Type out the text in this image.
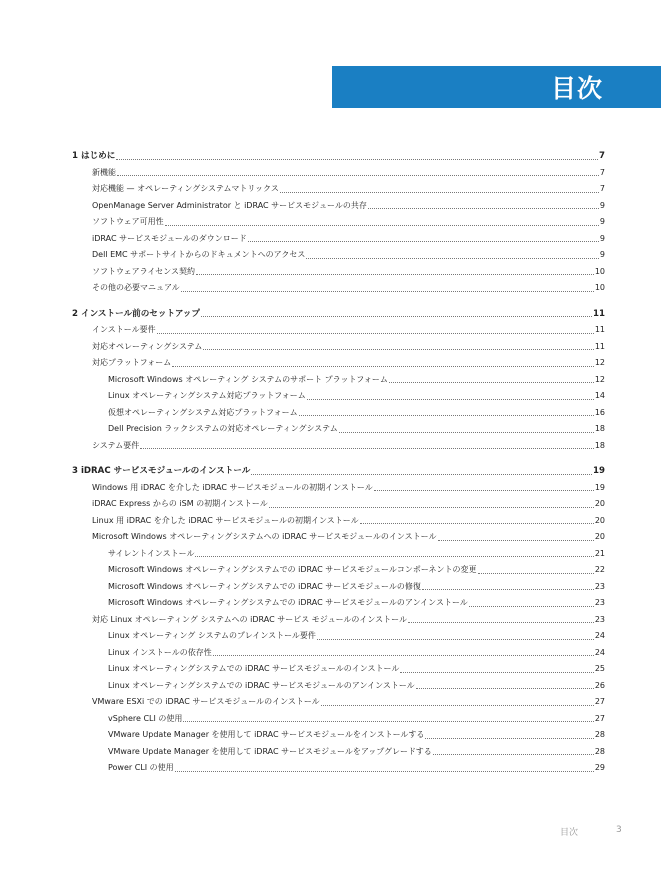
目次
1 はじめに	7
新機能	7
対応機能 — オペレーティングシステムマトリックス	7
OpenManage Server Administrator と iDRAC サービスモジュールの共存	9
ソフトウェア可用性	9
iDRAC サービスモジュールのダウンロード	9
Dell EMC サポートサイトからのドキュメントへのアクセス	9
ソフトウェアライセンス契約	10
その他の必要マニュアル	10
2 インストール前のセットアップ	11
インストール要件	11
対応オペレーティングシステム	11
対応プラットフォーム	12
Microsoft Windows オペレーティング システムのサポート プラットフォーム	12
Linux オペレーティングシステム対応プラットフォーム	14
仮想オペレーティングシステム対応プラットフォーム	16
Dell Precision ラックシステムの対応オペレーティングシステム	18
システム要件	18
3 iDRAC サービスモジュールのインストール	19
Windows 用 iDRAC を介した iDRAC サービスモジュールの初期インストール	19
iDRAC Express からの iSM の初期インストール	20
Linux 用 iDRAC を介した iDRAC サービスモジュールの初期インストール	20
Microsoft Windows オペレーティングシステムへの iDRAC サービスモジュールのインストール	20
サイレントインストール	21
Microsoft Windows オペレーティングシステムでの iDRAC サービスモジュールコンポーネントの変更	22
Microsoft Windows オペレーティングシステムでの iDRAC サービスモジュールの修復	23
Microsoft Windows オペレーティングシステムでの iDRAC サービスモジュールのアンインストール	23
対応 Linux オペレーティング システムへの iDRAC サービス モジュールのインストール	23
Linux オペレーティング システムのプレインストール要件	24
Linux インストールの依存性	24
Linux オペレーティングシステムでの iDRAC サービスモジュールのインストール	25
Linux オペレーティングシステムでの iDRAC サービスモジュールのアンインストール	26
VMware ESXi での iDRAC サービスモジュールのインストール	27
vSphere CLI の使用	27
VMware Update Manager を使用して iDRAC サービスモジュールをインストールする	28
VMware Update Manager を使用して iDRAC サービスモジュールをアップグレードする	28
Power CLI の使用	29
目次	3
